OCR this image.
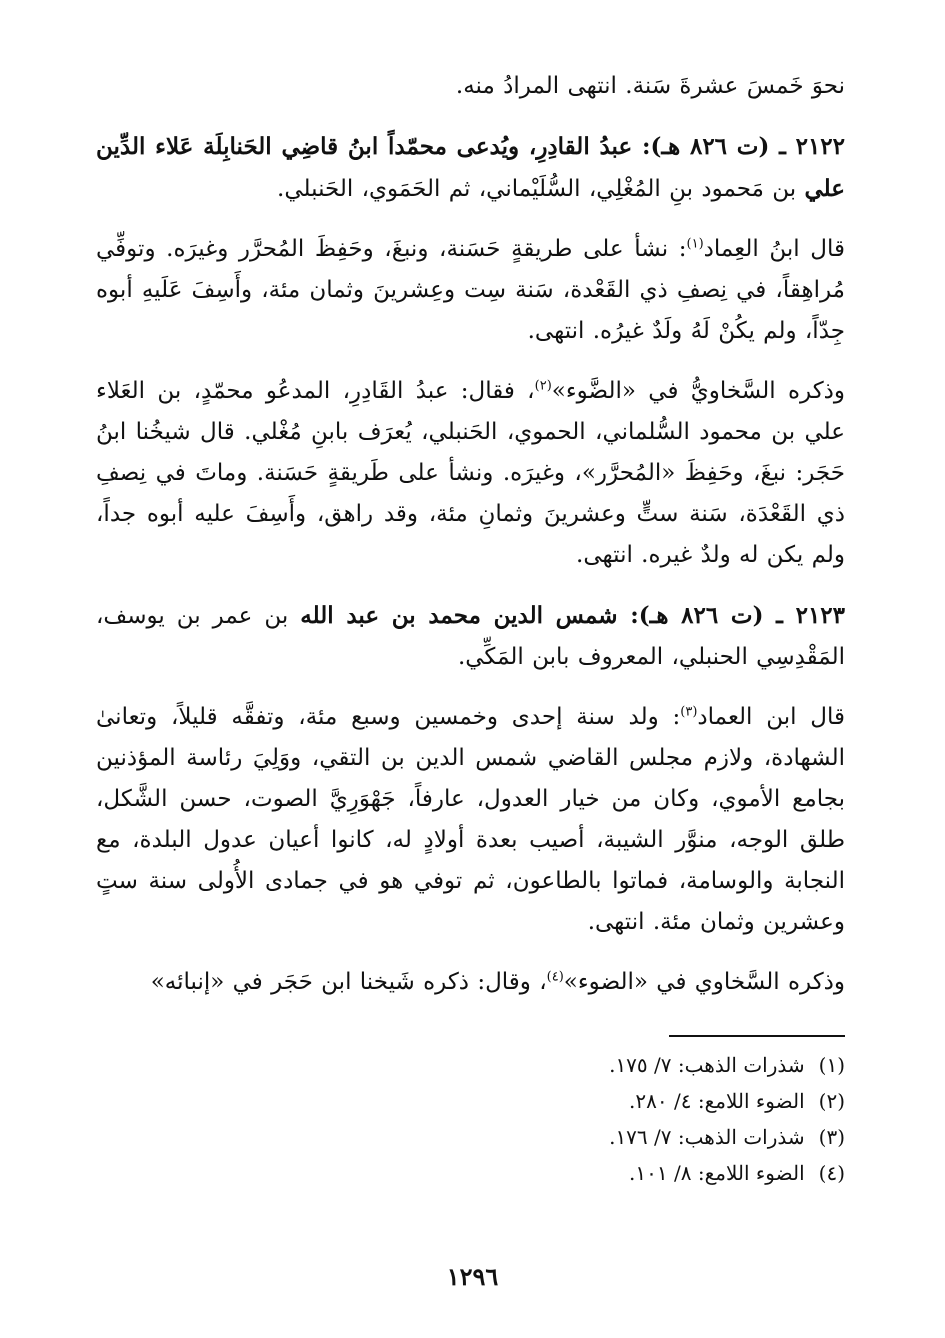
نحوَ خَمسَ عشرةَ سَنة. انتهى المرادُ منه.

٢١٢٢ ـ (ت ٨٢٦ هـ): عبدُ القادِرِ، ويُدعى محمّداً ابنُ قاضِي الحَنابِلَة عَلاء الدِّين علي بن مَحمود بنِ المُغْلِي، السُّلَيْماني، ثم الحَمَوي، الحَنبلي.

قال ابنُ العِماد$^{(١)}$: نشأ على طريقةٍ حَسَنة، ونبغَ، وحَفِظَ المُحرَّر وغيرَه. وتوفِّي مُراهِقاً، في نِصفِ ذي القَعْدة، سَنة سِت وعِشرينَ وثمان مئة، وأَسِفَ عَلَيهِ أبوه جِدّاً، ولم يكُنْ لَهُ ولَدٌ غيرُه. انتهى.

وذكره السَّخاويُّ في «الضَّوء»$^{(٢)}$، فقال: عبدُ القَادِرِ، المدعُو محمّدٍ، بن العَلاء علي بن محمود السُّلماني، الحموي، الحَنبلي، يُعرَف بابنِ مُغْلي. قال شيخُنا ابنُ حَجَر: نبغَ، وحَفِظَ «المُحرَّر»، وغيرَه. ونشأ على طَريقةٍ حَسَنة. وماتَ في نِصفِ ذي القَعْدَة، سَنة ستٍّ وعشرينَ وثمانِ مئة، وقد راهق، وأَسِفَ عليه أبوه جداً، ولم يكن له ولدٌ غيره. انتهى.

٢١٢٣ ـ (ت ٨٢٦ هـ): شمس الدين محمد بن عبد الله بن عمر بن يوسف، المَقْدِسِي الحنبلي، المعروف بابن المَكِّي.

قال ابن العماد$^{(٣)}$: ولد سنة إحدى وخمسين وسبع مئة، وتفقَّه قليلاً، وتعانىٰ الشهادة، ولازم مجلس القاضي شمس الدين بن التقي، ووَلِيَ رئاسة المؤذنين بجامع الأموي، وكان من خيار العدول، عارفاً، جَهْوَرِيَّ الصوت، حسن الشَّكل، طلق الوجه، منوَّر الشيبة، أصيب بعدة أولادٍ له، كانوا أعيان عدول البلدة، مع النجابة والوسامة، فماتوا بالطاعون، ثم توفي هو في جمادى الأُولى سنة ستٍ وعشرين وثمان مئة. انتهى.

وذكره السَّخاوي في «الضوء»$^{(٤)}$، وقال: ذكره شَيخنا ابن حَجَر في «إنبائه»

(١)شذرات الذهب: ٧/ ١٧٥.

(٢)الضوء اللامع: ٤/ ٢٨٠.

(٣)شذرات الذهب: ٧/ ١٧٦.

(٤)الضوء اللامع: ٨/ ١٠١.

١٢٩٦
